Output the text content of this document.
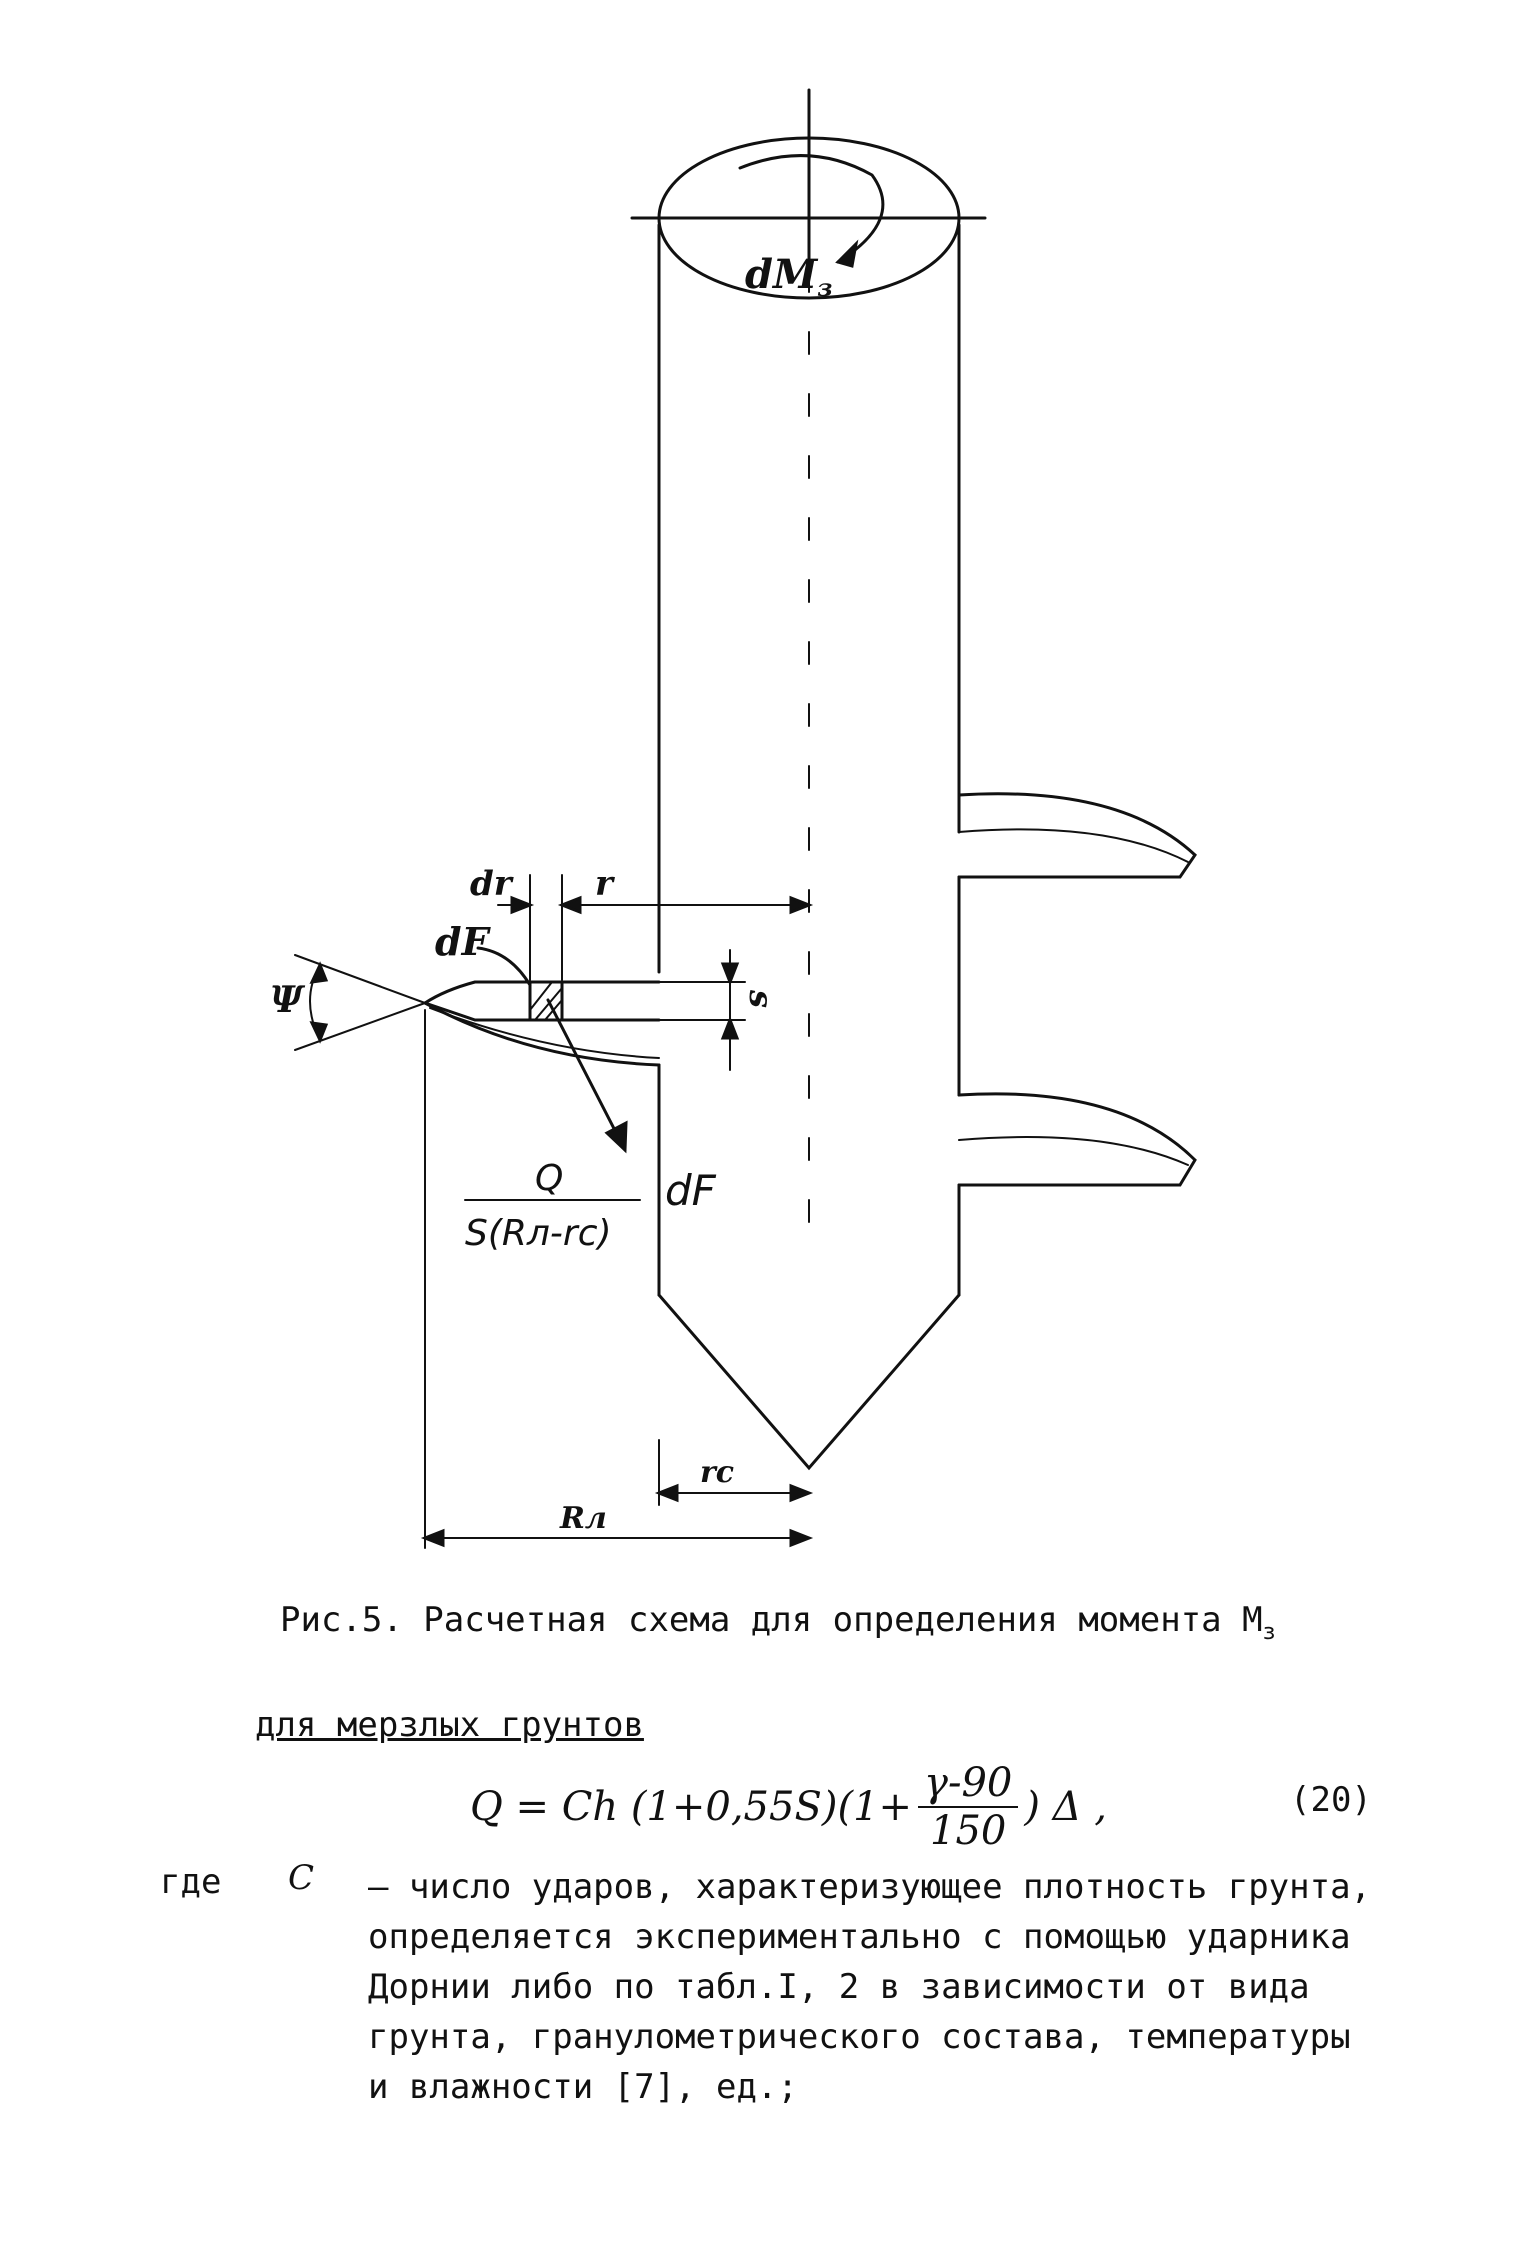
$dM_з$
dr r
dF
Ψ	s
Q
S(Rл-rc)
dF
rc
Rл
Рис.5. Расчетная схема для определения момента $M_з$
для мерзлых грунтов
Q = Ch $(1+0,55S)(1+ \frac{\gamma-90}{150}$ ) Δ ,	(20)
где C – число ударов, характеризующее плотность грунта,
определяется экспериментально с помощью ударника
Дорнии либо по табл.I, 2 в зависимости от вида
грунта, гранулометрического состава, температуры
и влажности [7], ед.;
